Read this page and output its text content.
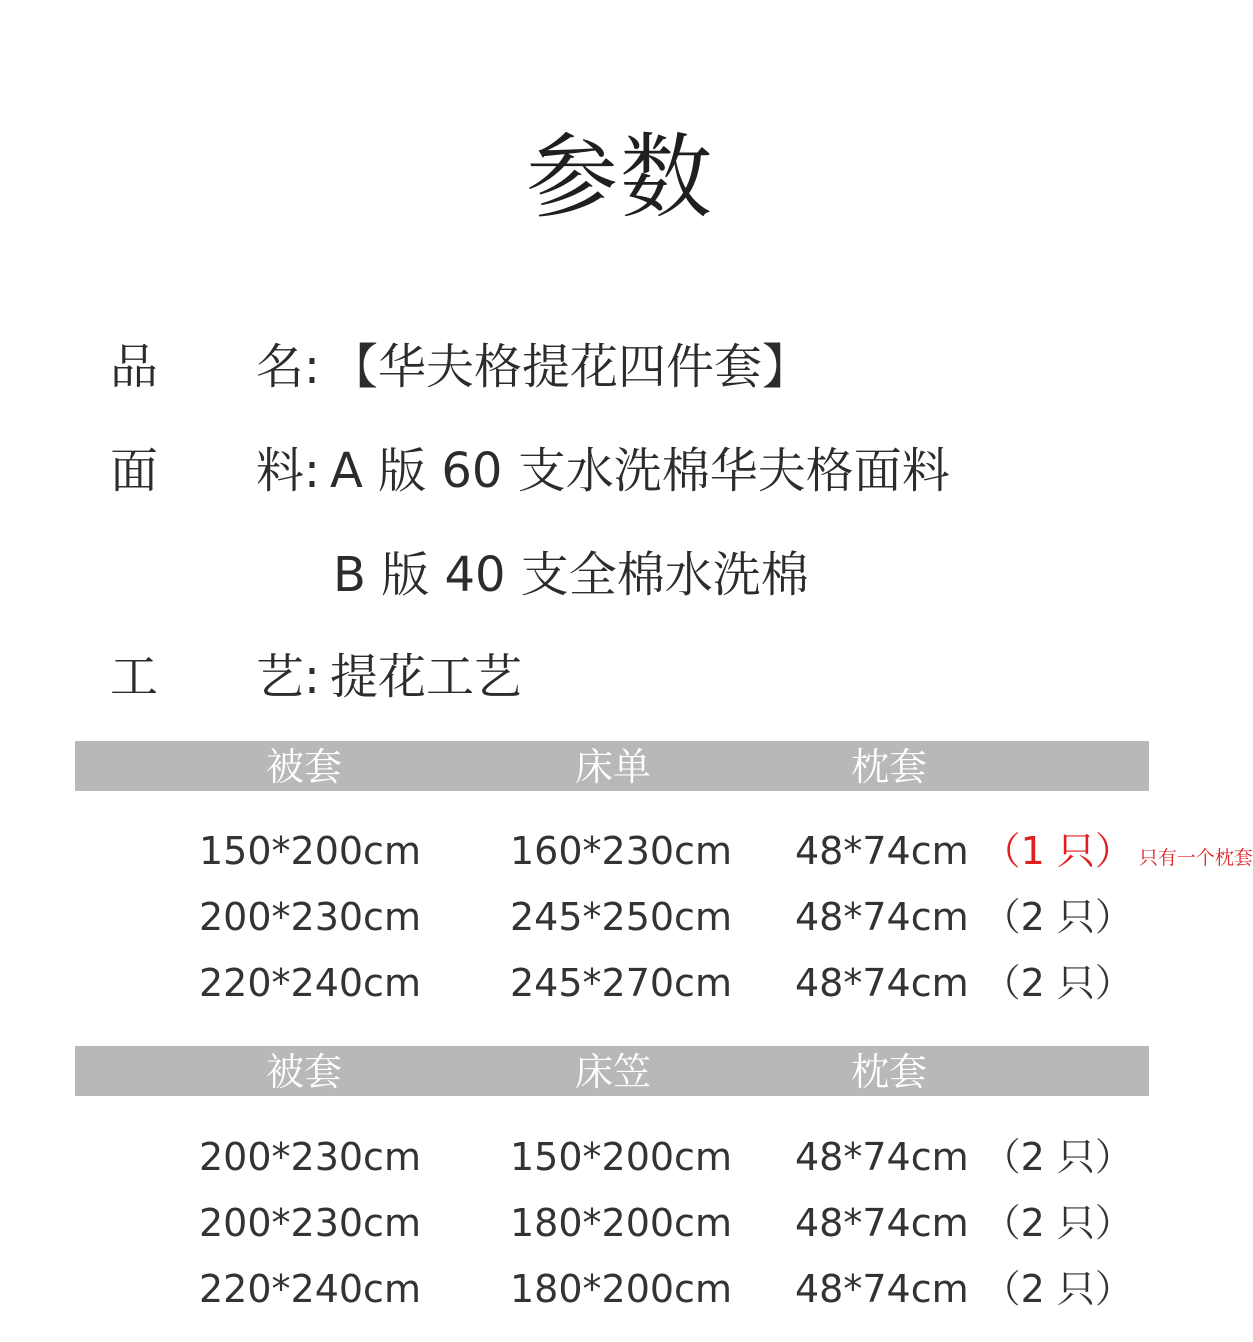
参数
品 名: 【华夫格提花四件套】
面 料: A 版 60 支水洗棉华夫格面料
B 版 40 支全棉水洗棉
工 艺: 提花工艺
被套	床单	枕套
150*200cm 160*230cm 48*74cm （1 只） 只有一个枕套
200*230cm 245*250cm 48*74cm （2 只）
220*240cm 245*270cm 48*74cm （2 只）
被套	床笠	枕套
200*230cm 150*200cm 48*74cm （2 只）
200*230cm 180*200cm 48*74cm （2 只）
220*240cm 180*200cm 48*74cm （2 只）
